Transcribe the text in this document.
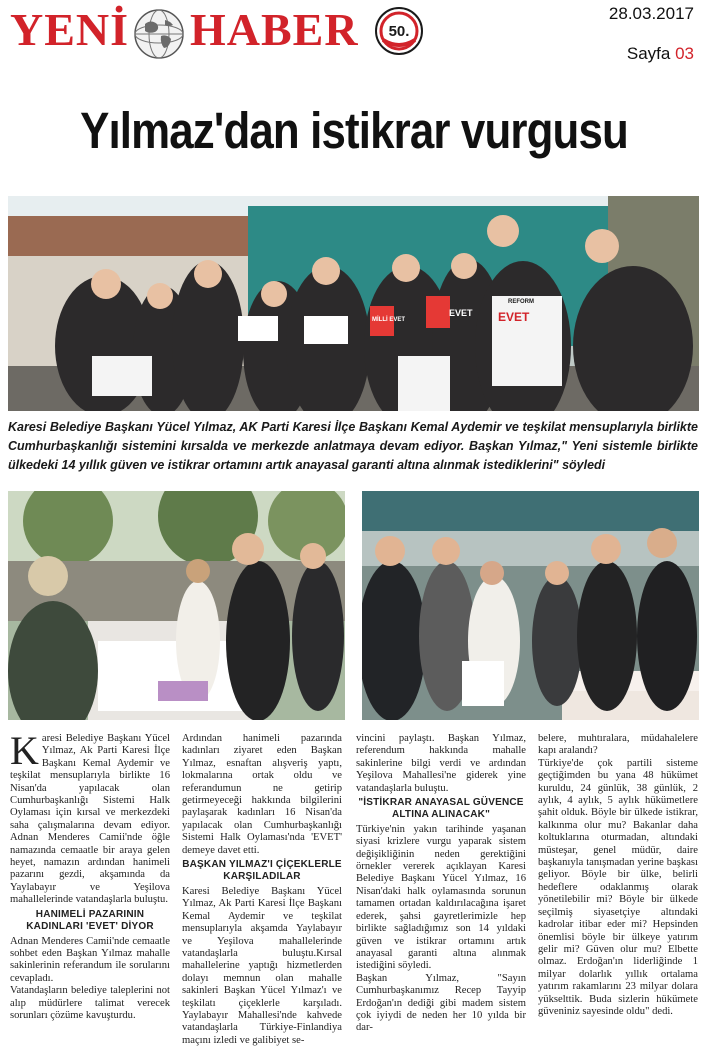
YENİ HABER 50.
28.03.2017
Sayfa 03
Yılmaz'dan istikrar vurgusu
EVET
MİLLİ EVET	EVET
REFORM
Karesi Belediye Başkanı Yücel Yılmaz, AK Parti Karesi İlçe Başkanı Kemal Aydemir ve teşkilat mensuplarıyla birlikte Cumhurbaşkanlığı sistemini kırsalda ve merkezde anlatmaya devam ediyor. Başkan Yılmaz," Yeni sistemle birlikte ülkedeki 14 yıllık güven ve istikrar ortamını artık anayasal garanti altına alınmak istediklerini" söyledi

Karesi Belediye Başkanı Yücel Yılmaz, Ak Parti Karesi İlçe Başkanı Kemal Aydemir ve teşkilat mensuplarıyla birlikte 16 Nisan'da yapılacak olan Cumhurbaşkanlığı Sistemi Halk Oylaması için kırsal ve merkezdeki saha çalışmalarına devam ediyor. Adnan Menderes Camii'nde öğle namazında cemaatle bir araya gelen heyet, namazın ardından hanimeli pazarını gezdi, akşamında da Yaylabayır ve Yeşilova mahallelerinde vatandaşlarla buluştu.

HANIMELİ PAZARININ KADINLARI 'EVET' DİYOR

Adnan Menderes Camii'nde cemaatle sohbet eden Başkan Yılmaz mahalle sakinlerinin referandum ile sorularını cevapladı.

Vatandaşların belediye taleplerini not alıp müdürlere talimat verecek sorunları çözüme kavuşturdu.

Ardından hanimeli pazarında kadınları ziyaret eden Başkan Yılmaz, esnaftan alışveriş yaptı, lokmalarına ortak oldu ve referandumun ne getirip getirmeyeceği hakkında bilgilerini paylaşarak kadınları 16 Nisan'da yapılacak olan Cumhurbaşkanlığı Sistemi Halk Oylaması'nda 'EVET' demeye davet etti.

BAŞKAN YILMAZ'I ÇİÇEKLERLE KARŞILADILAR

Karesi Belediye Başkanı Yücel Yılmaz, Ak Parti Karesi İlçe Başkanı Kemal Aydemir ve teşkilat mensuplarıyla akşamda Yaylabayır ve Yeşilova mahallelerinde vatandaşlarla buluştu.Kırsal mahallelerine yaptığı hizmetlerden dolayı memnun olan mahalle sakinleri Başkan Yücel Yılmaz'ı ve teşkilatı çiçeklerle karşıladı. Yaylabayır Mahallesi'nde kahvede vatandaşlarla Türkiye-Finlandiya maçını izledi ve galibiyet se-

vincini paylaştı. Başkan Yılmaz, referendum hakkında mahalle sakinlerine bilgi verdi ve ardından Yeşilova Mahallesi'ne giderek yine vatandaşlarla buluştu.

"İSTİKRAR ANAYASAL GÜVENCE ALTINA ALINACAK"

Türkiye'nin yakın tarihinde yaşanan siyasi krizlere vurgu yaparak sistem değişikliğinin neden gerektiğini örnekler vererek açıklayan Karesi Belediye Başkanı Yücel Yılmaz, 16 Nisan'daki halk oylamasında sorunun tamamen ortadan kaldırılacağına işaret ederek, şahsi gayretlerimizle hep birlikte sağladığımız son 14 yıldaki güven ve istikrar ortamını artık anayasal garanti altına alınmak istediğini söyledi.

Başkan Yılmaz, "Sayın Cumhurbaşkanımız Recep Tayyip Erdoğan'ın dediği gibi madem sistem çok iyiydi de neden her 10 yılda bir dar-

belere, muhtıralara, müdahalelere kapı aralandı?

Türkiye'de çok partili sisteme geçtiğimden bu yana 48 hükümet kuruldu, 24 günlük, 38 günlük, 2 aylık, 4 aylık, 5 aylık hükümetlere şahit olduk. Böyle bir ülkede istikrar, kalkınma olur mu? Bakanlar daha koltuklarına oturmadan, altındaki müsteşar, genel müdür, daire başkanıyla tanışmadan yerine başkası geliyor. Böyle bir ülke, belirli hedeflere odaklanmış olarak yönetilebilir mi? Böyle bir ülkede seçilmiş siyasetçiye altındaki kadrolar itibar eder mi? Hepsinden önemlisi böyle bir ülkeye yatırım gelir mi? Güven olur mu? Elbette olmaz. Erdoğan'ın liderliğinde 1 milyar dolarlık yıllık ortalama yatırım rakamlarını 23 milyar dolara yükselttik. Buda sizlerin hükümete güveniniz sayesinde oldu" dedi.
